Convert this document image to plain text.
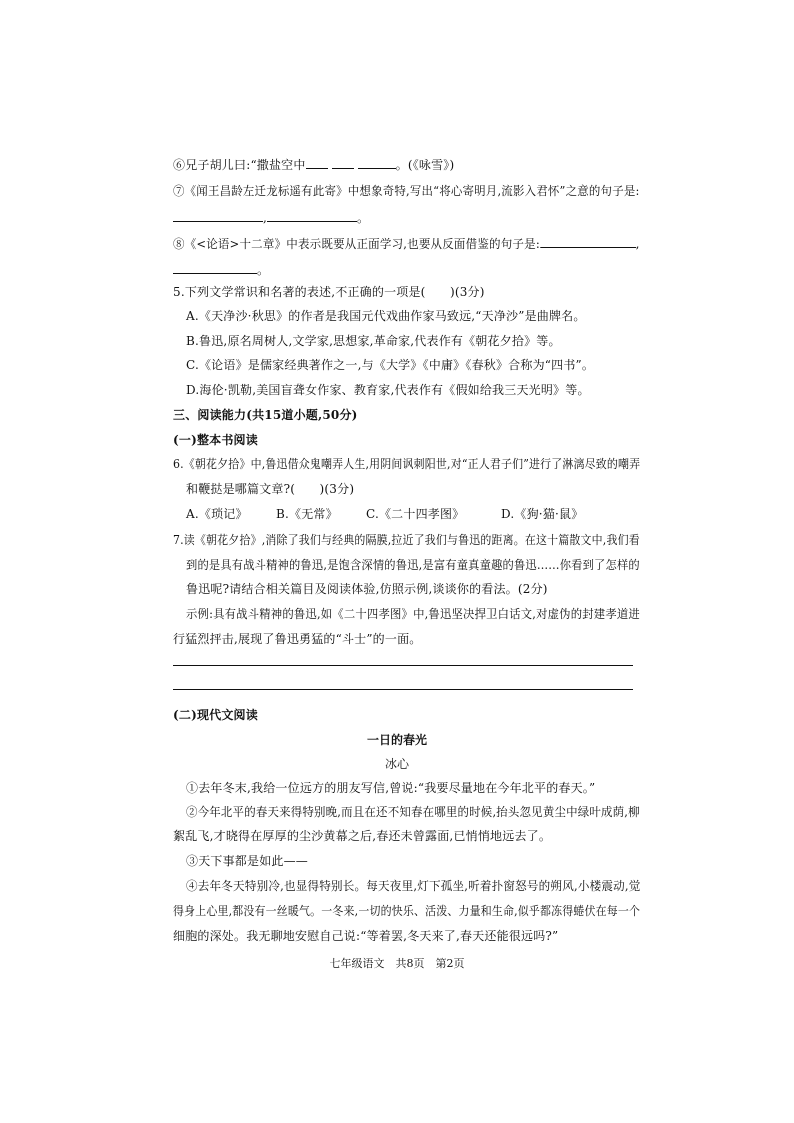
⑥兄子胡儿曰:“撒盐空中	。(《咏雪》)
⑦《闻王昌龄左迁龙标遥有此寄》中想象奇特,写出“将心寄明月,流影入君怀”之意的句子是:
,	。
⑧《<论语>十二章》中表示既要从正面学习,也要从反面借鉴的句子是:	,
。
5.下列文学常识和名著的表述,不正确的一项是(　　)(3分)
A.《天净沙·秋思》的作者是我国元代戏曲作家马致远,“天净沙”是曲牌名。
B.鲁迅,原名周树人,文学家,思想家,革命家,代表作有《朝花夕拾》等。
C.《论语》是儒家经典著作之一,与《大学》《中庸》《春秋》合称为“四书”。
D.海伦·凯勒,美国盲聋女作家、教育家,代表作有《假如给我三天光明》等。
三、阅读能力(共15道小题,50分)
(一)整本书阅读
6.《朝花夕拾》中,鲁迅借众鬼嘲弄人生,用阴间讽刺阳世,对“正人君子们”进行了淋漓尽致的嘲弄
和鞭挞是哪篇文章?(　　)(3分)
A.《琐记》 B.《无常》 C.《二十四孝图》	D.《狗·猫·鼠》
7.读《朝花夕拾》,消除了我们与经典的隔膜,拉近了我们与鲁迅的距离。在这十篇散文中,我们看
到的是具有战斗精神的鲁迅,是饱含深情的鲁迅,是富有童真童趣的鲁迅……你看到了怎样的
鲁迅呢?请结合相关篇目及阅读体验,仿照示例,谈谈你的看法。(2分)
示例:具有战斗精神的鲁迅,如《二十四孝图》中,鲁迅坚决捍卫白话文,对虚伪的封建孝道进
行猛烈抨击,展现了鲁迅勇猛的“斗士”的一面。
(二)现代文阅读
一日的春光
冰心
①去年冬末,我给一位远方的朋友写信,曾说:“我要尽量地在今年北平的春天。”
②今年北平的春天来得特别晚,而且在还不知春在哪里的时候,抬头忽见黄尘中绿叶成荫,柳
絮乱飞,才晓得在厚厚的尘沙黄幕之后,春还未曾露面,已悄悄地远去了。
③天下事都是如此——
④去年冬天特别冷,也显得特别长。每天夜里,灯下孤坐,听着扑窗怒号的朔风,小楼震动,觉
得身上心里,都没有一丝暖气。一冬来,一切的快乐、活泼、力量和生命,似乎都冻得蜷伏在每一个
细胞的深处。我无聊地安慰自己说:“等着罢,冬天来了,春天还能很远吗?”
七年级语文　共8页　第2页
